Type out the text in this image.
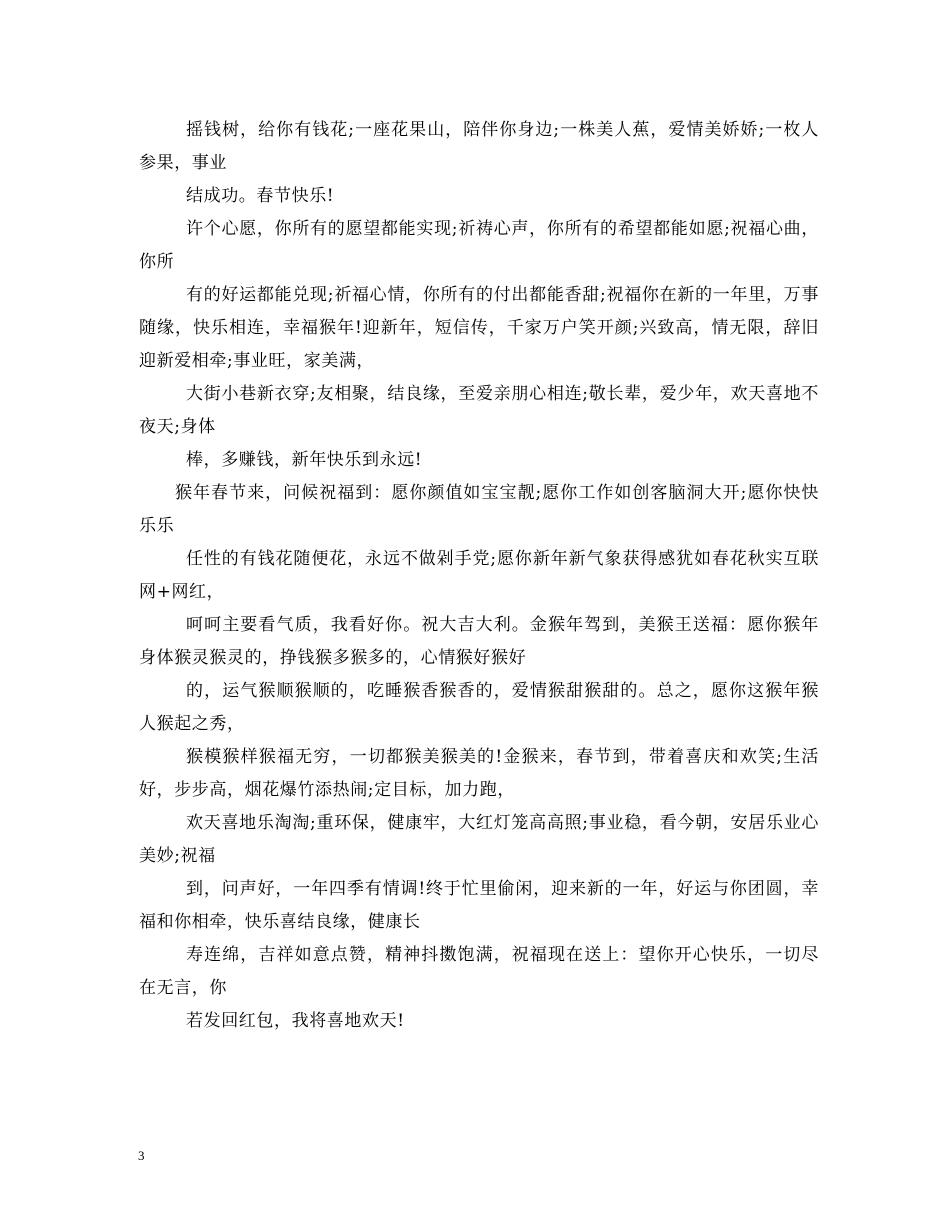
摇钱树，给你有钱花;一座花果山，陪伴你身边;一株美人蕉，爱情美娇娇;一枚人参果，事业

结成功。春节快乐!

许个心愿，你所有的愿望都能实现;祈祷心声，你所有的希望都能如愿;祝福心曲，你所

有的好运都能兑现;祈福心情，你所有的付出都能香甜;祝福你在新的一年里，万事　随缘，快乐相连，幸福猴年!迎新年，短信传，千家万户笑开颜;兴致高，情无限，辞旧迎新爱相牵;事业旺，家美满，

大街小巷新衣穿;友相聚，结良缘，至爱亲朋心相连;敬长辈，爱少年，欢天喜地不夜天;身体

棒，多赚钱，新年快乐到永远!

猴年春节来，问候祝福到：愿你颜值如宝宝靓;愿你工作如创客脑洞大开;愿你快快乐乐

任性的有钱花随便花，永远不做剁手党;愿你新年新气象获得感犹如春花秋实互联网+网红，

呵呵主要看气质，我看好你。祝大吉大利。金猴年驾到，美猴王送福：愿你猴年身体猴灵猴灵的，挣钱猴多猴多的，心情猴好猴好

的，运气猴顺猴顺的，吃睡猴香猴香的，爱情猴甜猴甜的。总之，愿你这猴年猴人猴起之秀，

猴模猴样猴福无穷，一切都猴美猴美的!金猴来，春节到，带着喜庆和欢笑;生活好，步步高，烟花爆竹添热闹;定目标，加力跑，

欢天喜地乐淘淘;重环保，健康牢，大红灯笼高高照;事业稳，看今朝，安居乐业心美妙;祝福

到，问声好，一年四季有情调!终于忙里偷闲，迎来新的一年，好运与你团圆，幸福和你相牵，快乐喜结良缘，健康长

寿连绵，吉祥如意点赞，精神抖擞饱满，祝福现在送上：望你开心快乐，一切尽在无言，你

若发回红包，我将喜地欢天!

3
